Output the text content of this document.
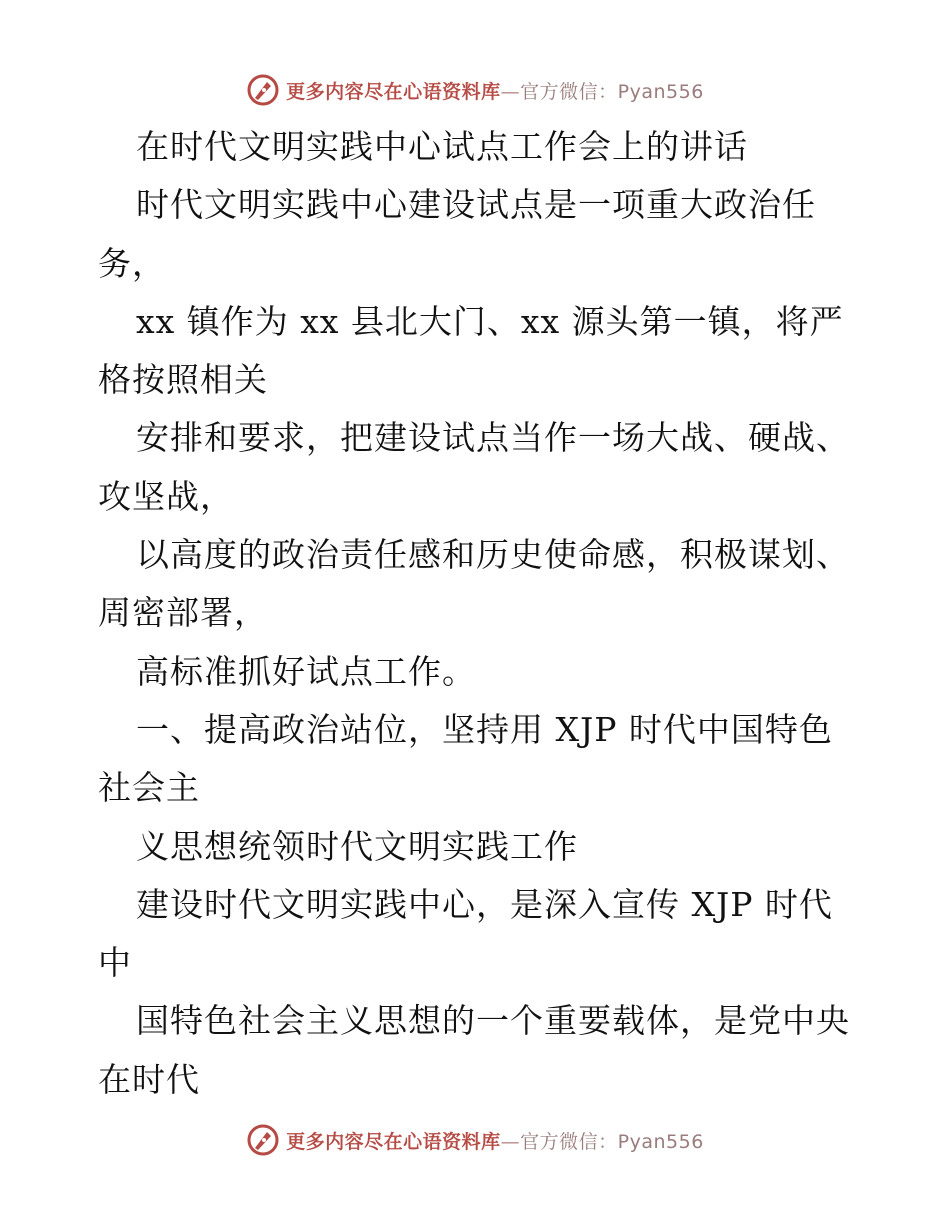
更多内容尽在心语资料库—官方微信：Pyan556

在时代文明实践中心试点工作会上的讲话

时代文明实践中心建设试点是一项重大政治任

务，

xx 镇作为 xx 县北大门、xx 源头第一镇，将严

格按照相关

安排和要求，把建设试点当作一场大战、硬战、

攻坚战，

以高度的政治责任感和历史使命感，积极谋划、

周密部署，

高标准抓好试点工作。

一、提高政治站位，坚持用 XJP 时代中国特色

社会主

义思想统领时代文明实践工作

建设时代文明实践中心，是深入宣传 XJP 时代

中

国特色社会主义思想的一个重要载体，是党中央

在时代

更多内容尽在心语资料库—官方微信：Pyan556
